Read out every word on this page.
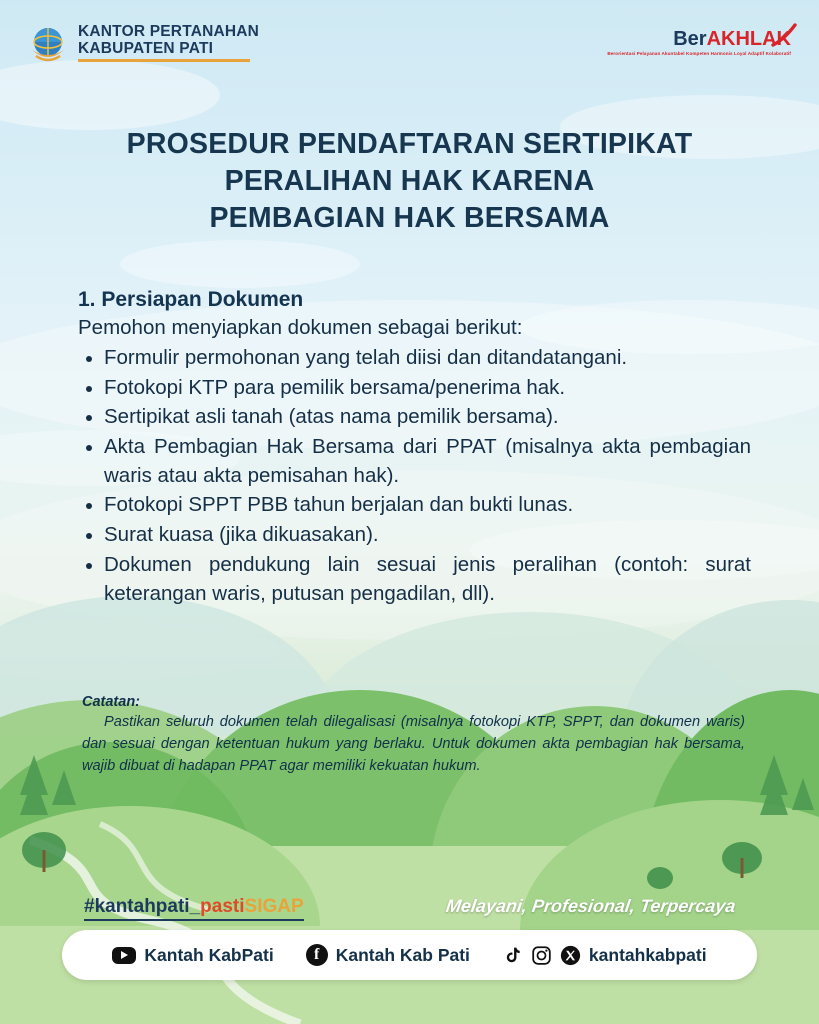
KANTOR PERTANAHAN
KABUPATEN PATI	BerAKHLAK
Berorientasi Pelayanan Akuntabel Kompeten Harmonis Loyal Adaptif Kolaboratif
PROSEDUR PENDAFTARAN SERTIPIKAT
PERALIHAN HAK KARENA
PEMBAGIAN HAK BERSAMA
1. Persiapan Dokumen
Pemohon menyiapkan dokumen sebagai berikut:
Formulir permohonan yang telah diisi dan ditandatangani.
Fotokopi KTP para pemilik bersama/penerima hak.
Sertipikat asli tanah (atas nama pemilik bersama).
Akta Pembagian Hak Bersama dari PPAT (misalnya akta pembagian waris atau akta pemisahan hak).
Fotokopi SPPT PBB tahun berjalan dan bukti lunas.
Surat kuasa (jika dikuasakan).
Dokumen pendukung lain sesuai jenis peralihan (contoh: surat keterangan waris, putusan pengadilan, dll).
Catatan:
Pastikan seluruh dokumen telah dilegalisasi (misalnya fotokopi KTP, SPPT, dan dokumen waris) dan sesuai dengan ketentuan hukum yang berlaku. Untuk dokumen akta pembagian hak bersama, wajib dibuat di hadapan PPAT agar memiliki kekuatan hukum.
#kantahpati_pastiSIGAP	Melayani, Profesional, Terpercaya
Kantah KabPati	f Kantah Kab Pati	kantahkabpati
